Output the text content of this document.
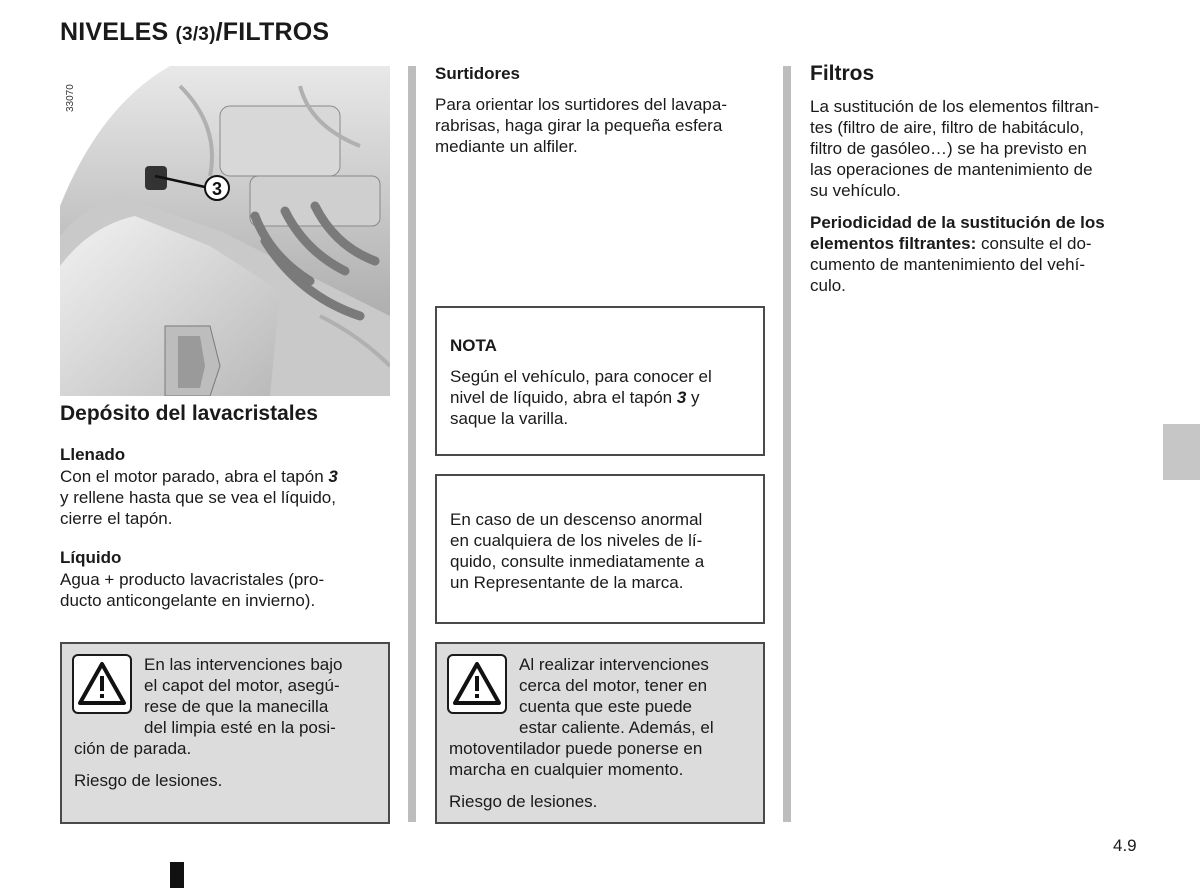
NIVELES (3/3)/FILTROS
3
33070
Depósito del lavacristales
Llenado
Con el motor parado, abra el tapón 3
y rellene hasta que se vea el líquido,
cierre el tapón.
Líquido
Agua + producto lavacristales (pro-
ducto anticongelante en invierno).
En las intervenciones bajo
el capot del motor, asegú-
rese de que la manecilla
del limpia esté en la posi-
ción de parada.
Riesgo de lesiones.
Surtidores
Para orientar los surtidores del lavapa-
rabrisas, haga girar la pequeña esfera
mediante un alfiler.
NOTA
Según el vehículo, para conocer el
nivel de líquido, abra el tapón 3 y
saque la varilla.
En caso de un descenso anormal
en cualquiera de los niveles de lí-
quido, consulte inmediatamente a
un Representante de la marca.
Al realizar intervenciones
cerca del motor, tener en
cuenta que este puede
estar caliente. Además, el
motoventilador puede ponerse en
marcha en cualquier momento.
Riesgo de lesiones.
Filtros
La sustitución de los elementos filtran-
tes (filtro de aire, filtro de habitáculo,
filtro de gasóleo…) se ha previsto en
las operaciones de mantenimiento de
su vehículo.
Periodicidad de la sustitución de los
elementos filtrantes: consulte el do-
cumento de mantenimiento del vehí-
culo.
4.9
